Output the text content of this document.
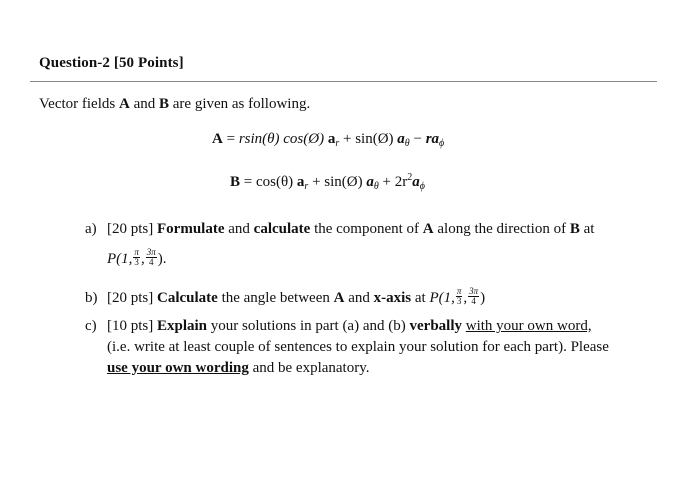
Question-2 [50 Points]
Vector fields A and B are given as following.
A = rsin(θ) cos(Ø) $a_r$ + sin(Ø) $a_\theta - ra_\phi$
B = cos(θ) $a_r$ + sin(Ø) $a_\theta + 2r^2a_\phi$
a) [20 pts] Formulate and calculate the component of A along the direction of B at
P(1, $\frac{\pi}{3}$ , $\frac{3\pi}{4}$ ).
b) [20 pts] Calculate the angle between A and x-axis at P(1, $\frac{\pi}{3}$ , $\frac{3\pi}{4}$ )
c) [10 pts] Explain your solutions in part (a) and (b) verbally with your own word,
(i.e. write at least couple of sentences to explain your solution for each part). Please
use your own wording and be explanatory.
